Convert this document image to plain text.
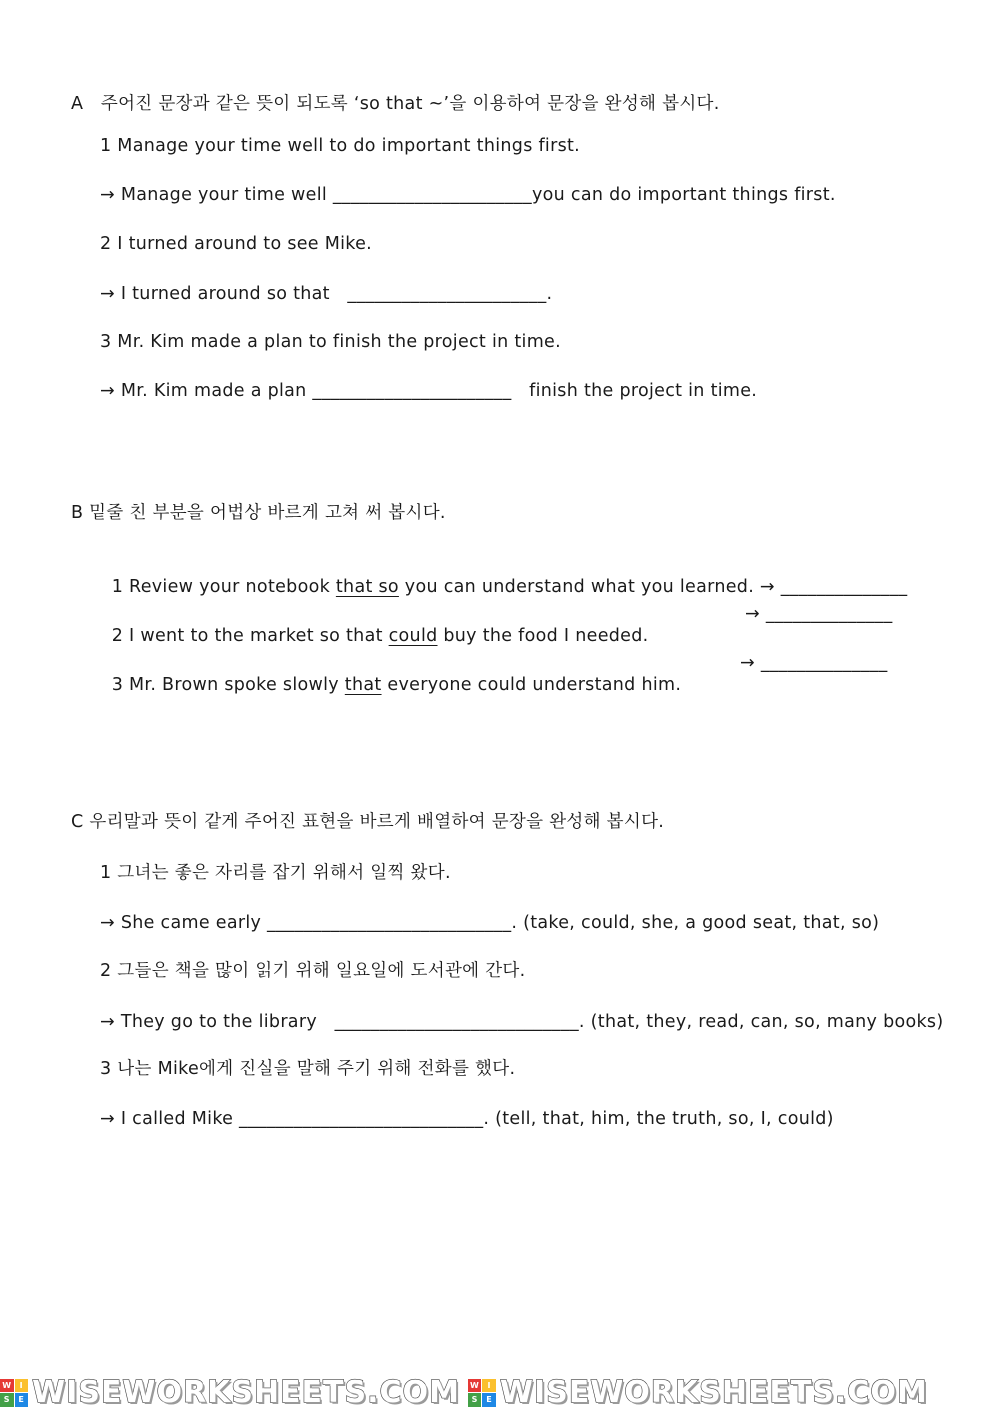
A   주어진 문장과 같은 뜻이 되도록 ‘so that ~’을 이용하여 문장을 완성해 봅시다.
1 Manage your time well to do important things first.
→ Manage your time well ______________________you can do important things first.
2 I turned around to see Mike.
→ I turned around so that   ______________________.
3 Mr. Kim made a plan to finish the project in time.
→ Mr. Kim made a plan ______________________   finish the project in time.
B 밑줄 친 부분을 어법상 바르게 고쳐 써 봅시다.

1 Review your notebook that so you can understand what you learned. → ______________

2 I went to the market so that could buy the food I needed.

→ ______________

3 Mr. Brown spoke slowly that everyone could understand him.

→ ______________
C 우리말과 뜻이 같게 주어진 표현을 바르게 배열하여 문장을 완성해 봅시다.
1 그녀는 좋은 자리를 잡기 위해서 일찍 왔다.
→ She came early ___________________________. (take, could, she, a good seat, that, so)
2 그들은 책을 많이 읽기 위해 일요일에 도서관에 간다.
→ They go to the library   ___________________________. (that, they, read, can, so, many books)
3 나는 Mike에게 진실을 말해 주기 위해 전화를 했다.
→ I called Mike ___________________________. (tell, that, him, the truth, so, I, could)
W	I
S	E WISEWORKSHEETS.COM W	I
S	E WISEWORKSHEETS.COM
